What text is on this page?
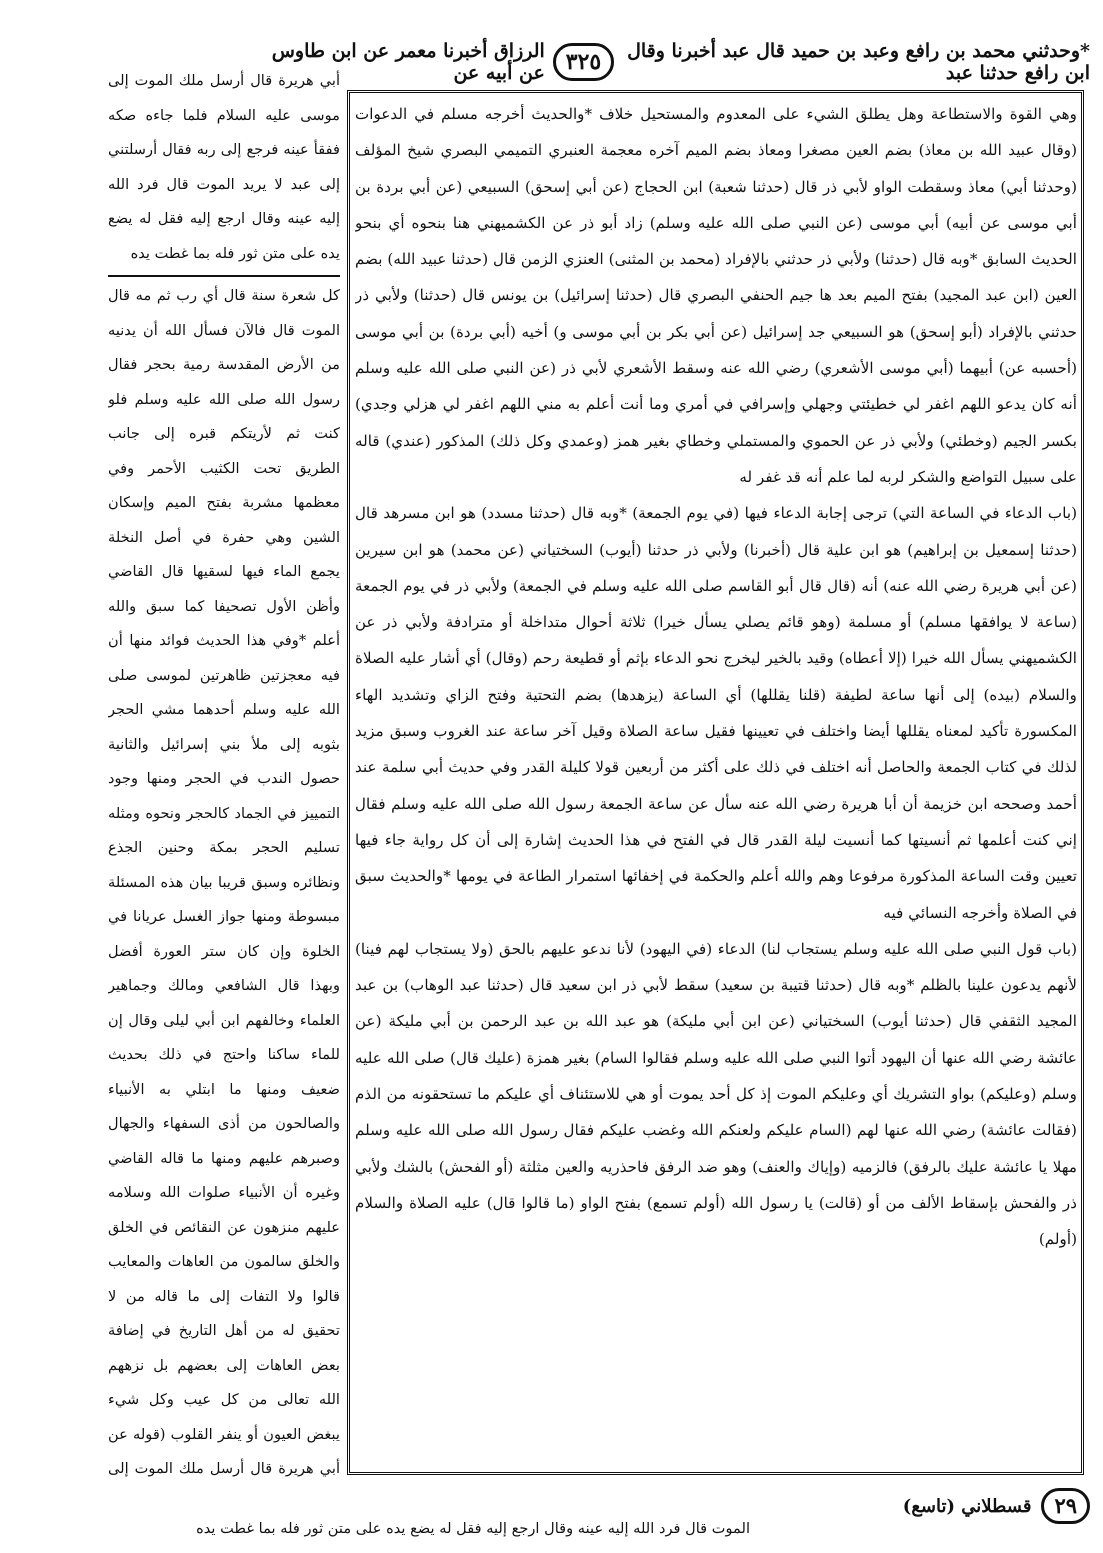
*وحدثني محمد بن رافع وعبد بن حميد قال عبد أخبرنا وقال ابن رافع حدثنا عبد
٣٢٥
الرزاق أخبرنا معمر عن ابن طاوس عن أبيه عن

وهي القوة والاستطاعة وهل يطلق الشيء على المعدوم والمستحيل خلاف *والحديث أخرجه مسلم في الدعوات (وقال عبيد الله بن معاذ) بضم العين مصغرا ومعاذ بضم الميم آخره معجمة العنبري التميمي البصري شيخ المؤلف (وحدثنا أبي) معاذ وسقطت الواو لأبي ذر قال (حدثنا شعبة) ابن الحجاج (عن أبي إسحق) السبيعي (عن أبي بردة بن أبي موسى عن أبيه) أبي موسى (عن النبي صلى الله عليه وسلم) زاد أبو ذر عن الكشميهني هنا بنحوه أي بنحو الحديث السابق *وبه قال (حدثنا) ولأبي ذر حدثني بالإفراد (محمد بن المثنى) العنزي الزمن قال (حدثنا عبيد الله) بضم العين (ابن عبد المجيد) بفتح الميم بعد ها جيم الحنفي البصري قال (حدثنا إسرائيل) بن يونس قال (حدثنا) ولأبي ذر حدثني بالإفراد (أبو إسحق) هو السبيعي جد إسرائيل (عن أبي بكر بن أبي موسى و) أخيه (أبي بردة) بن أبي موسى (أحسبه عن) أبيهما (أبي موسى الأشعري) رضي الله عنه وسقط الأشعري لأبي ذر (عن النبي صلى الله عليه وسلم أنه كان يدعو اللهم اغفر لي خطيئتي وجهلي وإسرافي في أمري وما أنت أعلم به مني اللهم اغفر لي هزلي وجدي) بكسر الجيم (وخطئي) ولأبي ذر عن الحموي والمستملي وخطاي بغير همز (وعمدي وكل ذلك) المذكور (عندي) قاله على سبيل التواضع والشكر لربه لما علم أنه قد غفر له

(باب الدعاء في الساعة التي) ترجى إجابة الدعاء فيها (في يوم الجمعة) *وبه قال (حدثنا مسدد) هو ابن مسرهد قال (حدثنا إسمعيل بن إبراهيم) هو ابن علية قال (أخبرنا) ولأبي ذر حدثنا (أيوب) السختياني (عن محمد) هو ابن سيرين (عن أبي هريرة رضي الله عنه) أنه (قال قال أبو القاسم صلى الله عليه وسلم في الجمعة) ولأبي ذر في يوم الجمعة (ساعة لا يوافقها مسلم) أو مسلمة (وهو قائم يصلي يسأل خيرا) ثلاثة أحوال متداخلة أو مترادفة ولأبي ذر عن الكشميهني يسأل الله خيرا (إلا أعطاه) وقيد بالخير ليخرج نحو الدعاء بإثم أو قطيعة رحم (وقال) أي أشار عليه الصلاة والسلام (بيده) إلى أنها ساعة لطيفة (قلنا يقللها) أي الساعة (يزهدها) بضم التحتية وفتح الزاي وتشديد الهاء المكسورة تأكيد لمعناه يقللها أيضا واختلف في تعيينها فقيل ساعة الصلاة وقيل آخر ساعة عند الغروب وسبق مزيد لذلك في كتاب الجمعة والحاصل أنه اختلف في ذلك على أكثر من أربعين قولا كليلة القدر وفي حديث أبي سلمة عند أحمد وصححه ابن خزيمة أن أبا هريرة رضي الله عنه سأل عن ساعة الجمعة رسول الله صلى الله عليه وسلم فقال إني كنت أعلمها ثم أنسيتها كما أنسيت ليلة القدر قال في الفتح في هذا الحديث إشارة إلى أن كل رواية جاء فيها تعيين وقت الساعة المذكورة مرفوعا وهم والله أعلم والحكمة في إخفائها استمرار الطاعة في يومها *والحديث سبق في الصلاة وأخرجه النسائي فيه

(باب قول النبي صلى الله عليه وسلم يستجاب لنا) الدعاء (في اليهود) لأنا ندعو عليهم بالحق (ولا يستجاب لهم فينا) لأنهم يدعون علينا بالظلم *وبه قال (حدثنا قتيبة بن سعيد) سقط لأبي ذر ابن سعيد قال (حدثنا عبد الوهاب) بن عبد المجيد الثقفي قال (حدثنا أيوب) السختياني (عن ابن أبي مليكة) هو عبد الله بن عبد الرحمن بن أبي مليكة (عن عائشة رضي الله عنها أن اليهود أتوا النبي صلى الله عليه وسلم فقالوا السام) بغير همزة (عليك قال) صلى الله عليه وسلم (وعليكم) بواو التشريك أي وعليكم الموت إذ كل أحد يموت أو هي للاستئناف أي عليكم ما تستحقونه من الذم (فقالت عائشة) رضي الله عنها لهم (السام عليكم ولعنكم الله وغضب عليكم فقال رسول الله صلى الله عليه وسلم مهلا يا عائشة عليك بالرفق) فالزميه (وإياك والعنف) وهو ضد الرفق فاحذريه والعين مثلثة (أو الفحش) بالشك ولأبي ذر والفحش بإسقاط الألف من أو (قالت) يا رسول الله (أولم تسمع) بفتح الواو (ما قالوا قال) عليه الصلاة والسلام (أولم)

أبي هريرة قال أرسل ملك الموت إلى موسى عليه السلام فلما جاءه صكه ففقأ عينه فرجع إلى ربه فقال أرسلتني إلى عبد لا يريد الموت قال فرد الله إليه عينه وقال ارجع إليه فقل له يضع يده على متن ثور فله بما غطت يده

كل شعرة سنة قال أي رب ثم مه قال الموت قال فالآن فسأل الله أن يدنيه من الأرض المقدسة رمية بحجر فقال رسول الله صلى الله عليه وسلم فلو كنت ثم لأريتكم قبره إلى جانب الطريق تحت الكثيب الأحمر وفي معظمها مشربة بفتح الميم وإسكان الشين وهي حفرة في أصل النخلة يجمع الماء فيها لسقيها قال القاضي وأظن الأول تصحيفا كما سبق والله أعلم *وفي هذا الحديث فوائد منها أن فيه معجزتين ظاهرتين لموسى صلى الله عليه وسلم أحدهما مشي الحجر بثوبه إلى ملأ بني إسرائيل والثانية حصول الندب في الحجر ومنها وجود التمييز في الجماد كالحجر ونحوه ومثله تسليم الحجر بمكة وحنين الجذع ونظائره وسبق قريبا بيان هذه المسئلة مبسوطة ومنها جواز الغسل عريانا في الخلوة وإن كان ستر العورة أفضل وبهذا قال الشافعي ومالك وجماهير العلماء وخالفهم ابن أبي ليلى وقال إن للماء ساكنا واحتج في ذلك بحديث ضعيف ومنها ما ابتلي به الأنبياء والصالحون من أذى السفهاء والجهال وصبرهم عليهم ومنها ما قاله القاضي وغيره أن الأنبياء صلوات الله وسلامه عليهم منزهون عن النقائص في الخلق والخلق سالمون من العاهات والمعايب قالوا ولا التفات إلى ما قاله من لا تحقيق له من أهل التاريخ في إضافة بعض العاهات إلى بعضهم بل نزههم الله تعالى من كل عيب وكل شيء يبغض العيون أو ينفر القلوب (قوله عن أبي هريرة قال أرسل ملك الموت إلى

٢٩
قسطلاني (تاسع)
الموت قال فرد الله إليه عينه وقال ارجع إليه فقل له يضع يده على متن ثور فله بما غطت يده
